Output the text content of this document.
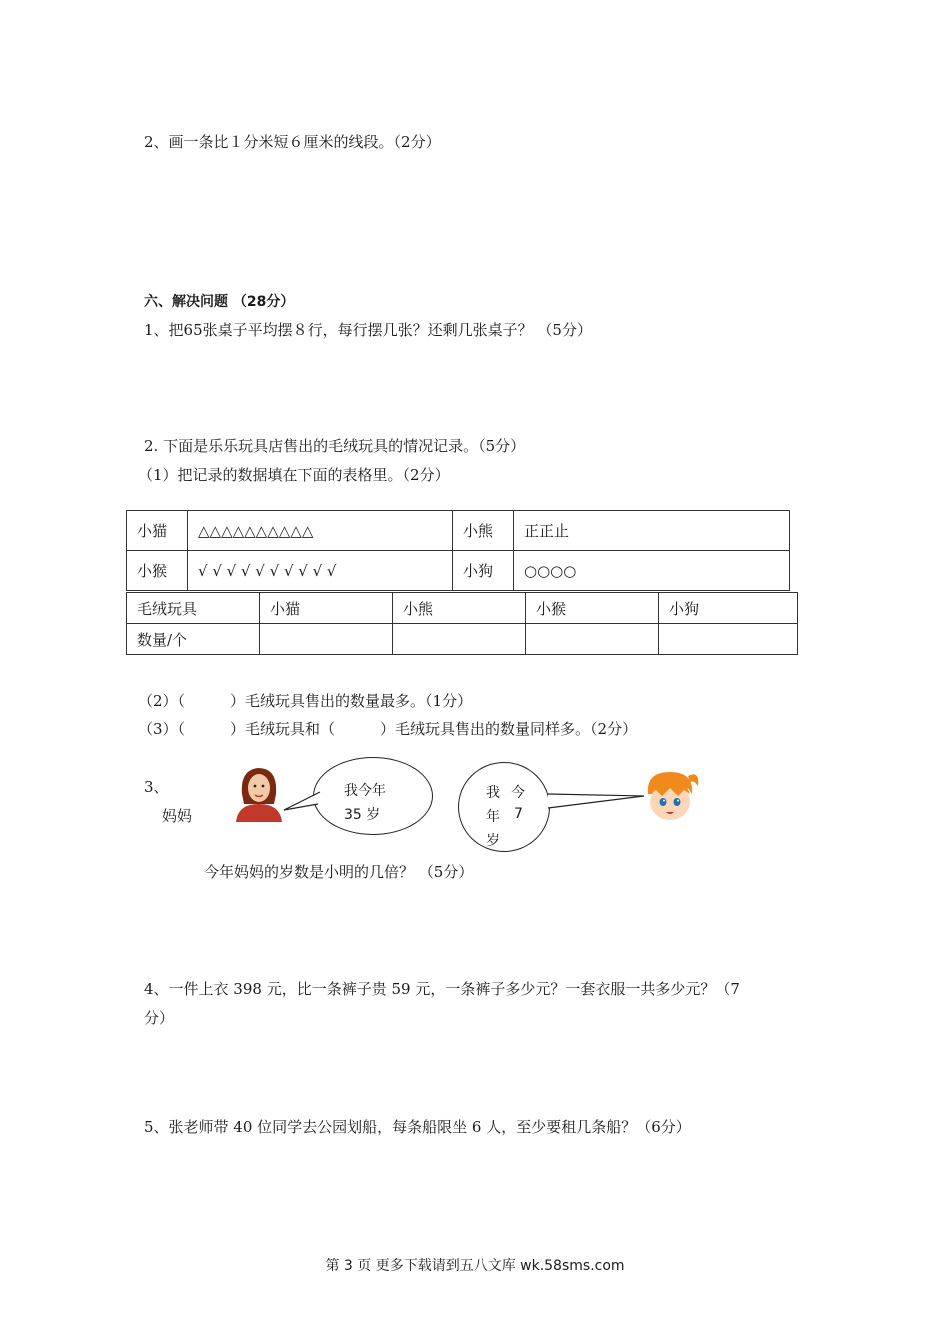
2、画一条比１分米短６厘米的线段。（2分）
六、解决问题 （28分）
1、把65张桌子平均摆８行，每行摆几张？还剩几张桌子？ （5分）
2. 下面是乐乐玩具店售出的毛绒玩具的情况记录。（5分）
（1）把记录的数据填在下面的表格里。（2分）
小猫	△△△△△△△△△△	小熊	正正止
小猴	√ √ √ √ √ √ √ √ √ √	小狗	○○○○
毛绒玩具	小猫	小熊	小猴	小狗
数量/个				
（2）（　　　）毛绒玩具售出的数量最多。（1分）
（3）（　　　）毛绒玩具和（　　　）毛绒玩具售出的数量同样多。（2分）
3、
妈妈
我今年
35 岁
我 今
年 7
岁
今年妈妈的岁数是小明的几倍？ （5分）
4、一件上衣 398 元，比一条裤子贵 59 元，一条裤子多少元？一套衣服一共多少元？（7
分）
5、张老师带 40 位同学去公园划船，每条船限坐 6 人，至少要租几条船？（6分）
第 3 页 更多下载请到五八文库 wk.58sms.com
